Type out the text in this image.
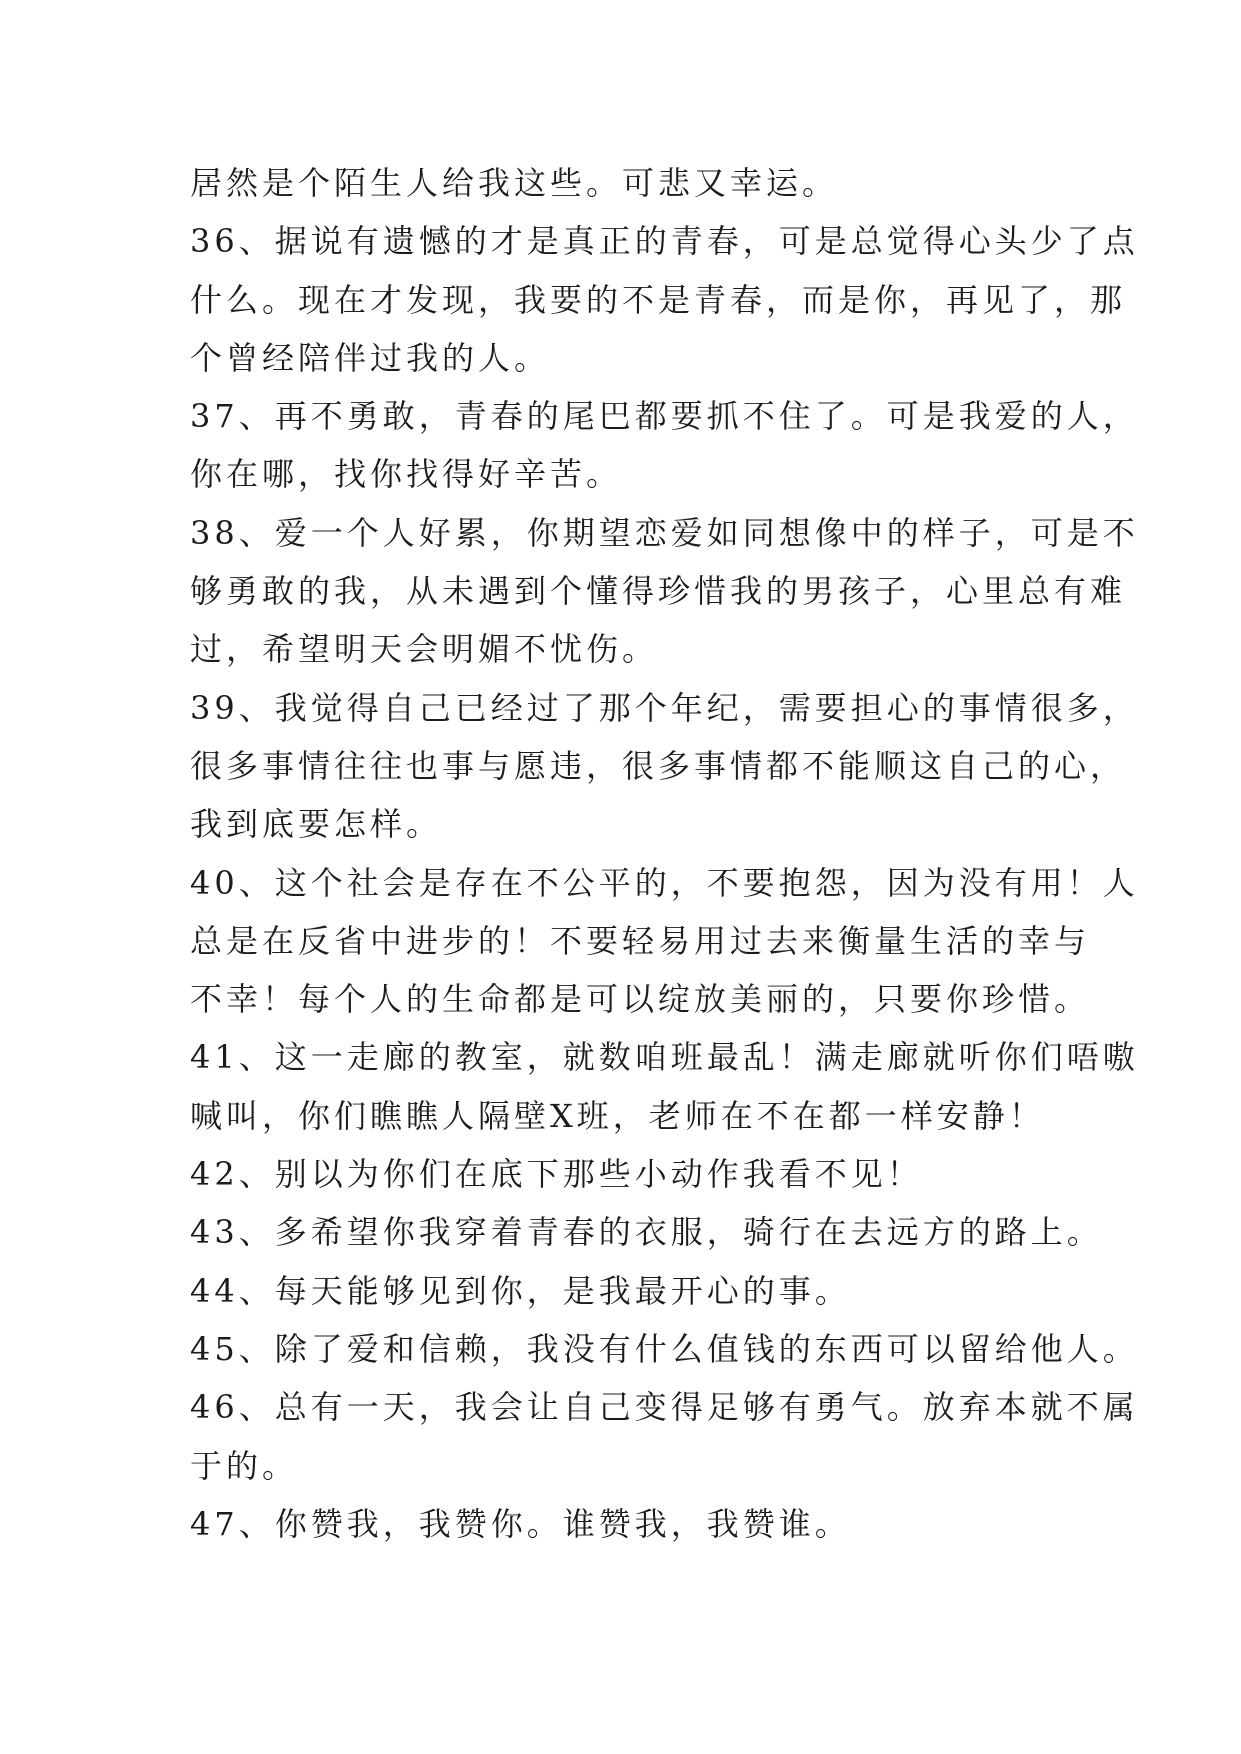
居然是个陌生人给我这些。可悲又幸运。
36、据说有遗憾的才是真正的青春，可是总觉得心头少了点
什么。现在才发现，我要的不是青春，而是你，再见了，那
个曾经陪伴过我的人。
37、再不勇敢，青春的尾巴都要抓不住了。可是我爱的人，
你在哪，找你找得好辛苦。
38、爱一个人好累，你期望恋爱如同想像中的样子，可是不
够勇敢的我，从未遇到个懂得珍惜我的男孩子，心里总有难
过，希望明天会明媚不忧伤。
39、我觉得自己已经过了那个年纪，需要担心的事情很多，
很多事情往往也事与愿违，很多事情都不能顺这自己的心，
我到底要怎样。
40、这个社会是存在不公平的，不要抱怨，因为没有用！人
总是在反省中进步的！不要轻易用过去来衡量生活的幸与
不幸！每个人的生命都是可以绽放美丽的，只要你珍惜。
41、这一走廊的教室，就数咱班最乱！满走廊就听你们唔嗷
喊叫，你们瞧瞧人隔壁X班，老师在不在都一样安静！
42、别以为你们在底下那些小动作我看不见！
43、多希望你我穿着青春的衣服，骑行在去远方的路上。
44、每天能够见到你，是我最开心的事。
45、除了爱和信赖，我没有什么值钱的东西可以留给他人。
46、总有一天，我会让自己变得足够有勇气。放弃本就不属
于的。
47、你赞我，我赞你。谁赞我，我赞谁。
